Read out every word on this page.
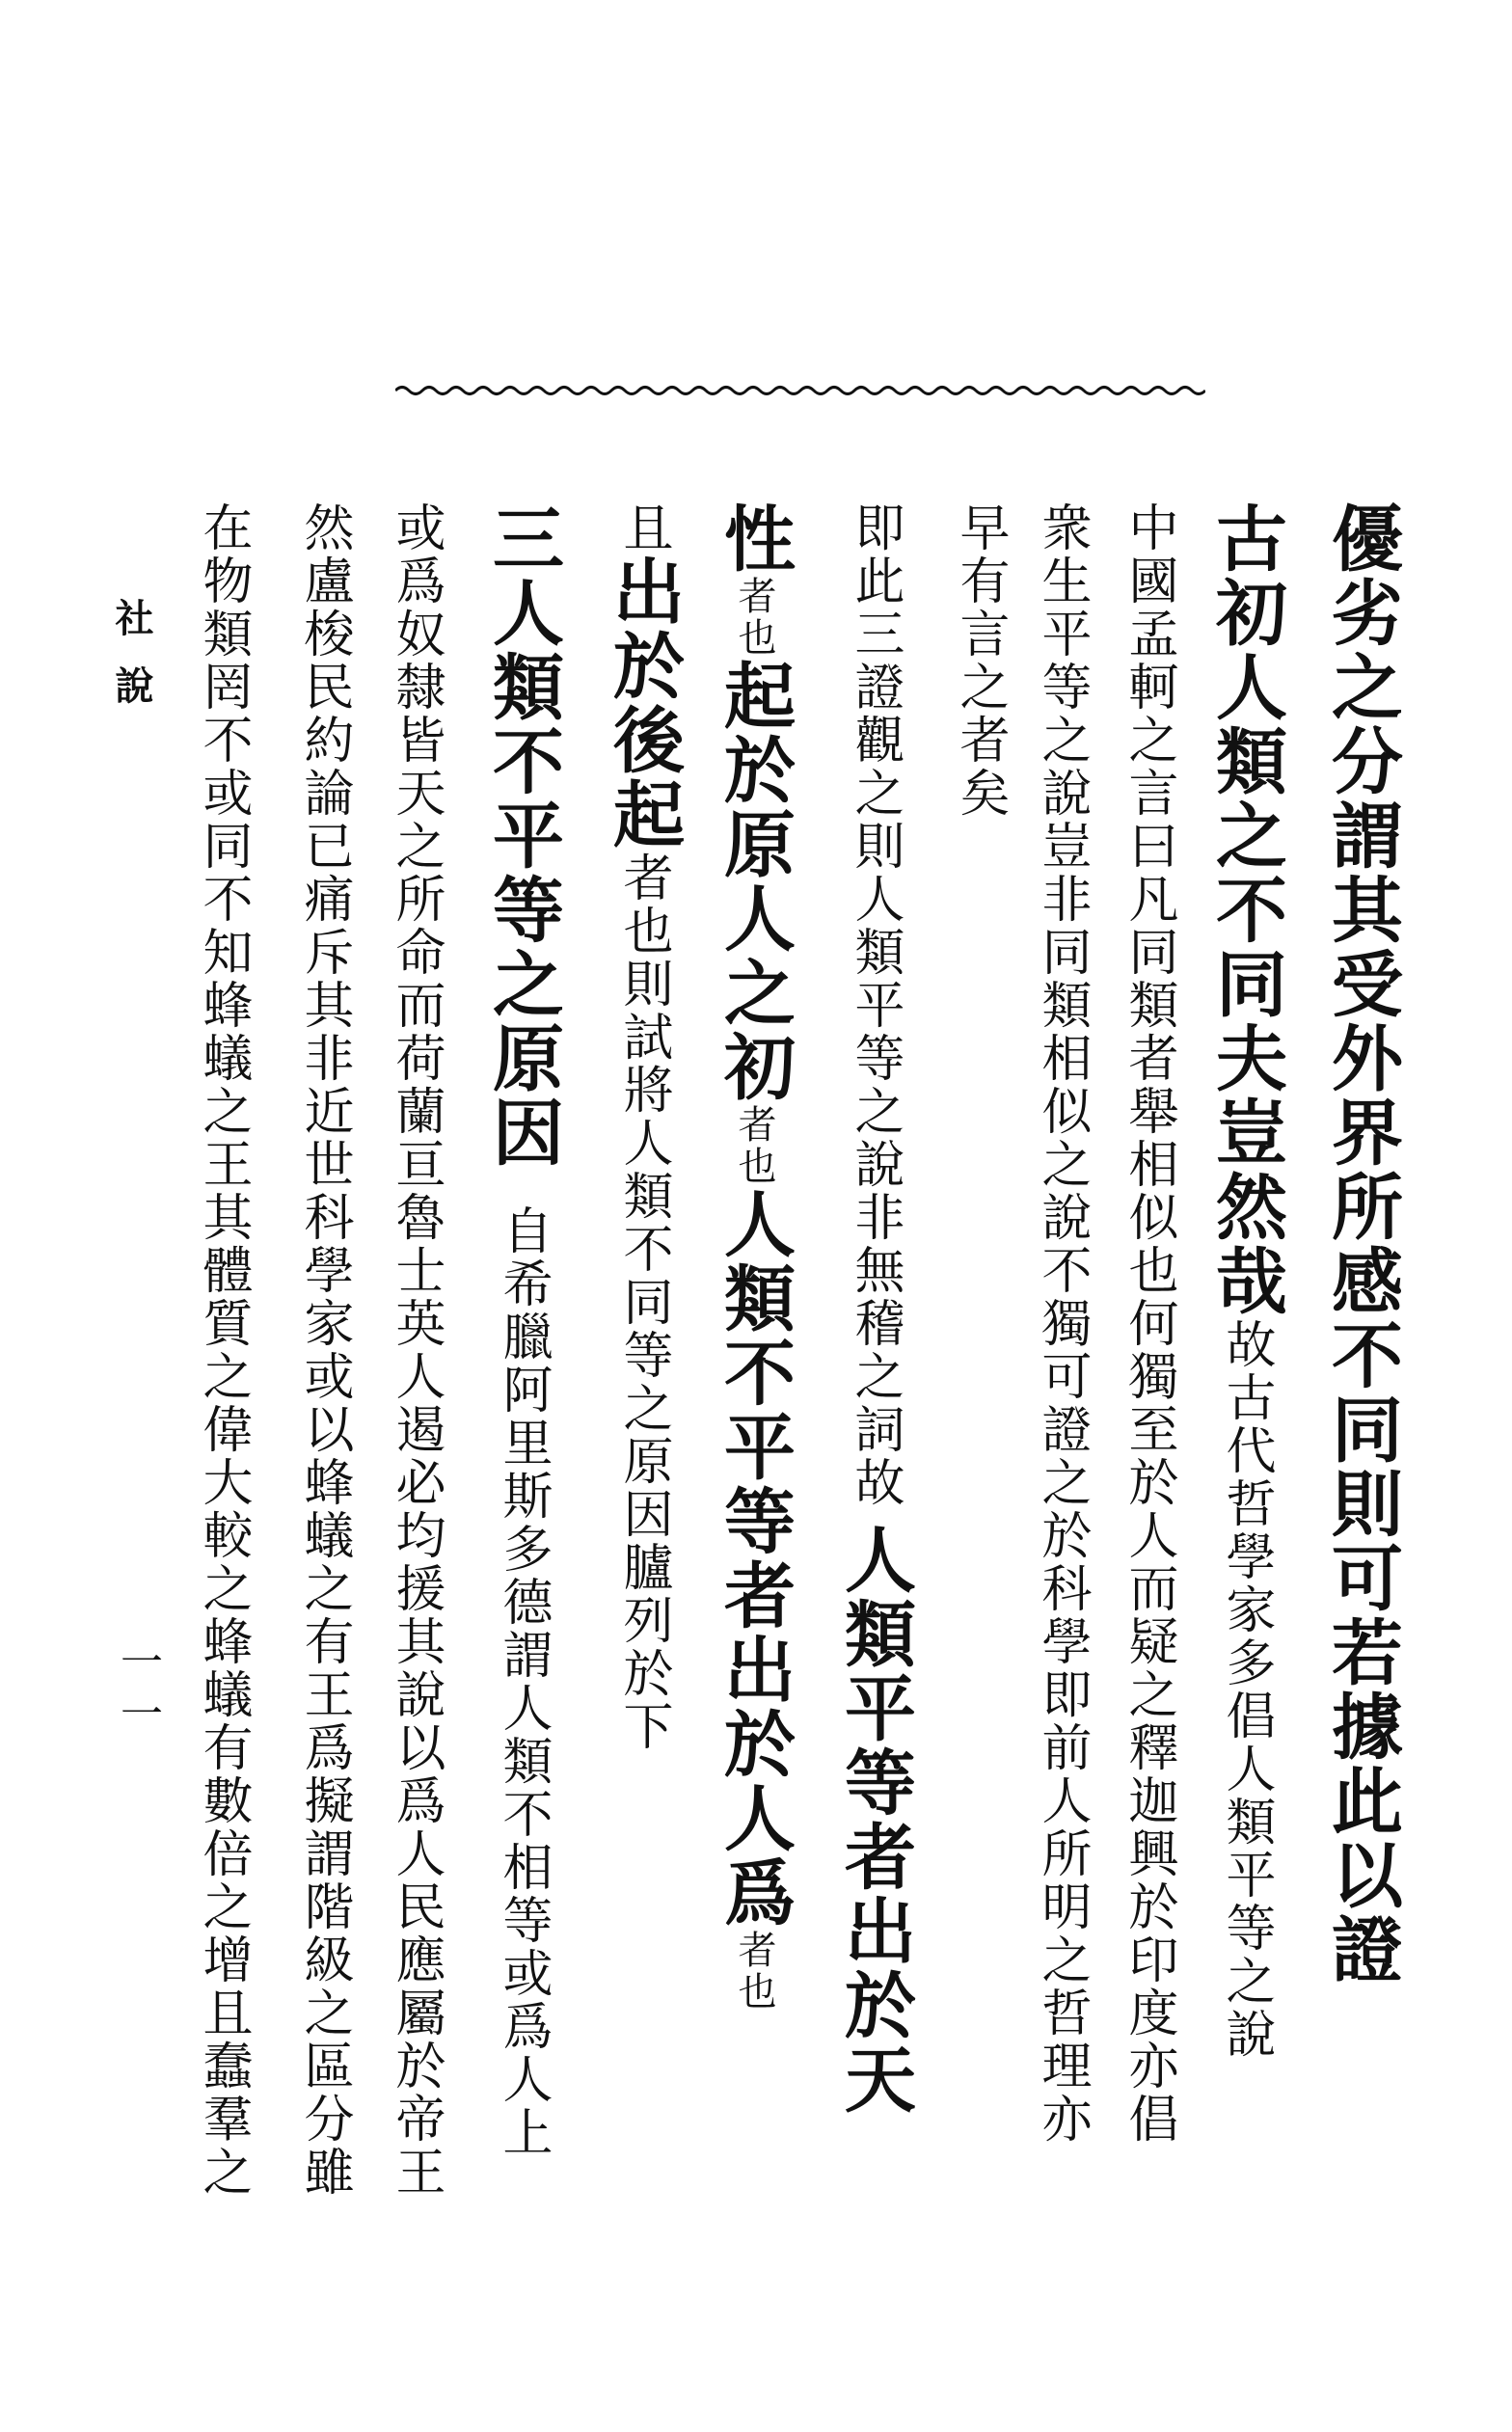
優劣之分謂其受外界所感不同則可若據此以證
古初人類之不同夫豈然哉故古代哲學家多倡人類平等之說
中國孟軻之言曰凡同類者舉相似也何獨至於人而疑之釋迦興於印度亦倡
衆生平等之說豈非同類相似之說不獨可證之於科學即前人所明之哲理亦
早有言之者矣
即此三證觀之則人類平等之說非無稽之詞故人類平等者出於天
性者也起於原人之初者也人類不平等者出於人爲者也
且出於後起者也則試將人類不同等之原因臚列於下
三人類不平等之原因自希臘阿里斯多德謂人類不相等或爲人上
或爲奴隸皆天之所命而荷蘭亘魯士英人遏必均援其說以爲人民應屬於帝王
然盧梭民約論已痛斥其非近世科學家或以蜂蟻之有王爲擬謂階級之區分雖
在物類罔不或同不知蜂蟻之王其體質之偉大較之蜂蟻有數倍之增且蠢羣之
社說
一一
